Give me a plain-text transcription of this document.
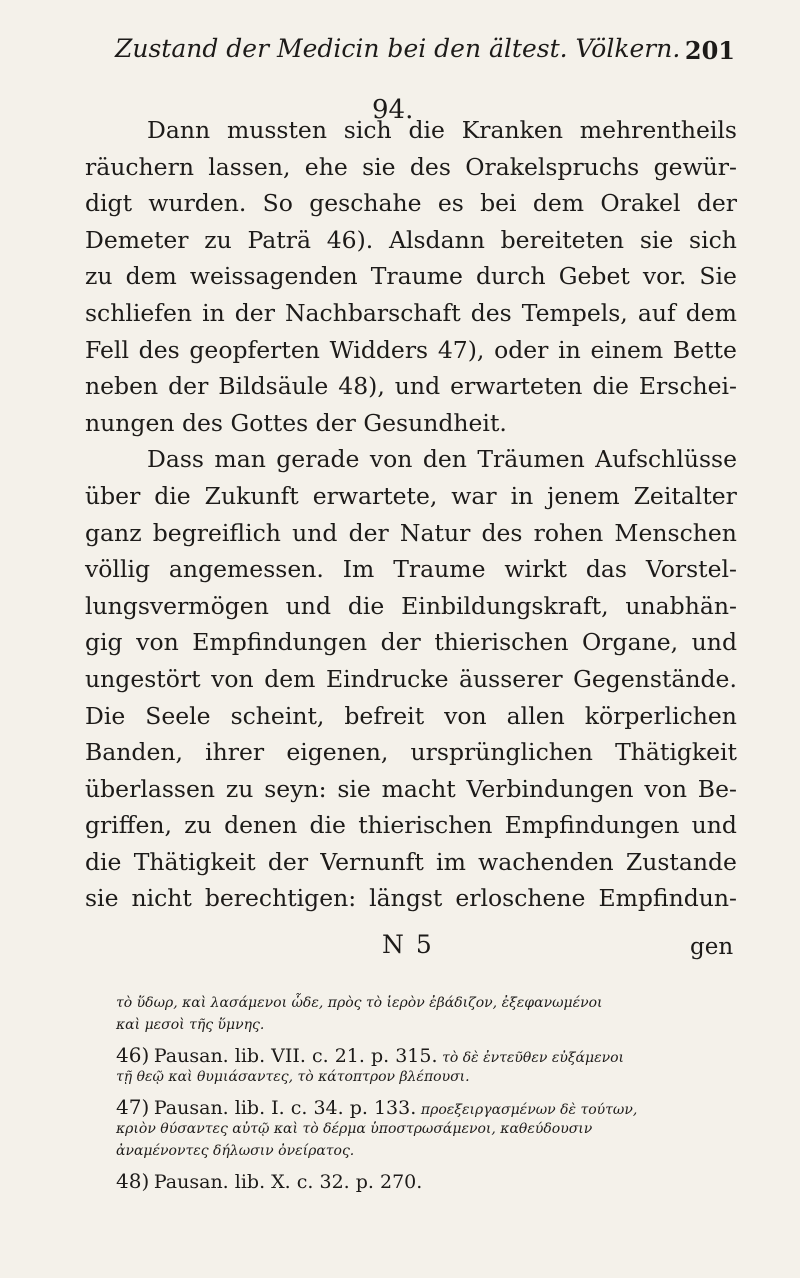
Zustand der Medicin bei den ältest. Völkern. 201
94.
Dann mussten sich die Kranken mehrentheils
räuchern lassen, ehe sie des Orakelspruchs gewür-
digt wurden. So geschahe es bei dem Orakel der
Demeter zu Paträ 46). Alsdann bereiteten sie sich
zu dem weissagenden Traume durch Gebet vor. Sie
schliefen in der Nachbarschaft des Tempels, auf dem
Fell des geopferten Widders 47), oder in einem Bette
neben der Bildsäule 48), und erwarteten die Erschei-
nungen des Gottes der Gesundheit.
Dass man gerade von den Träumen Aufschlüsse
über die Zukunft erwartete, war in jenem Zeitalter
ganz begreiflich und der Natur des rohen Menschen
völlig angemessen. Im Traume wirkt das Vorstel-
lungsvermögen und die Einbildungskraft, unabhän-
gig von Empfindungen der thierischen Organe, und
ungestört von dem Eindrucke äusserer Gegenstände.
Die Seele scheint, befreit von allen körperlichen
Banden, ihrer eigenen, ursprünglichen Thätigkeit
überlassen zu seyn: sie macht Verbindungen von Be-
griffen, zu denen die thierischen Empfindungen und
die Thätigkeit der Vernunft im wachenden Zustande
sie nicht berechtigen: längst erloschene Empfindun-
N 5	gen
τὸ ὕδωρ, καὶ λασάμενοι ὧδε, πρὸς τὸ ἱερὸν ἐβάδιζον, ἐξεφανωμένοι
καὶ μεσοὶ τῆς ὕμνης.
46) Pausan. lib. VII. c. 21. p. 315. τὸ δὲ ἐντεῦθεν εὐξάμενοι
τῇ θεῷ καὶ θυμιάσαντες, τὸ κάτοπτρον βλέπουσι.
47) Pausan. lib. I. c. 34. p. 133. προεξειργασμένων δὲ τούτων,
κριὸν θύσαντες αὐτῷ καὶ τὸ δέρμα ὑποστρωσάμενοι, καθεύδουσιν
ἀναμένοντες δήλωσιν ὀνείρατος.
48) Pausan. lib. X. c. 32. p. 270.
